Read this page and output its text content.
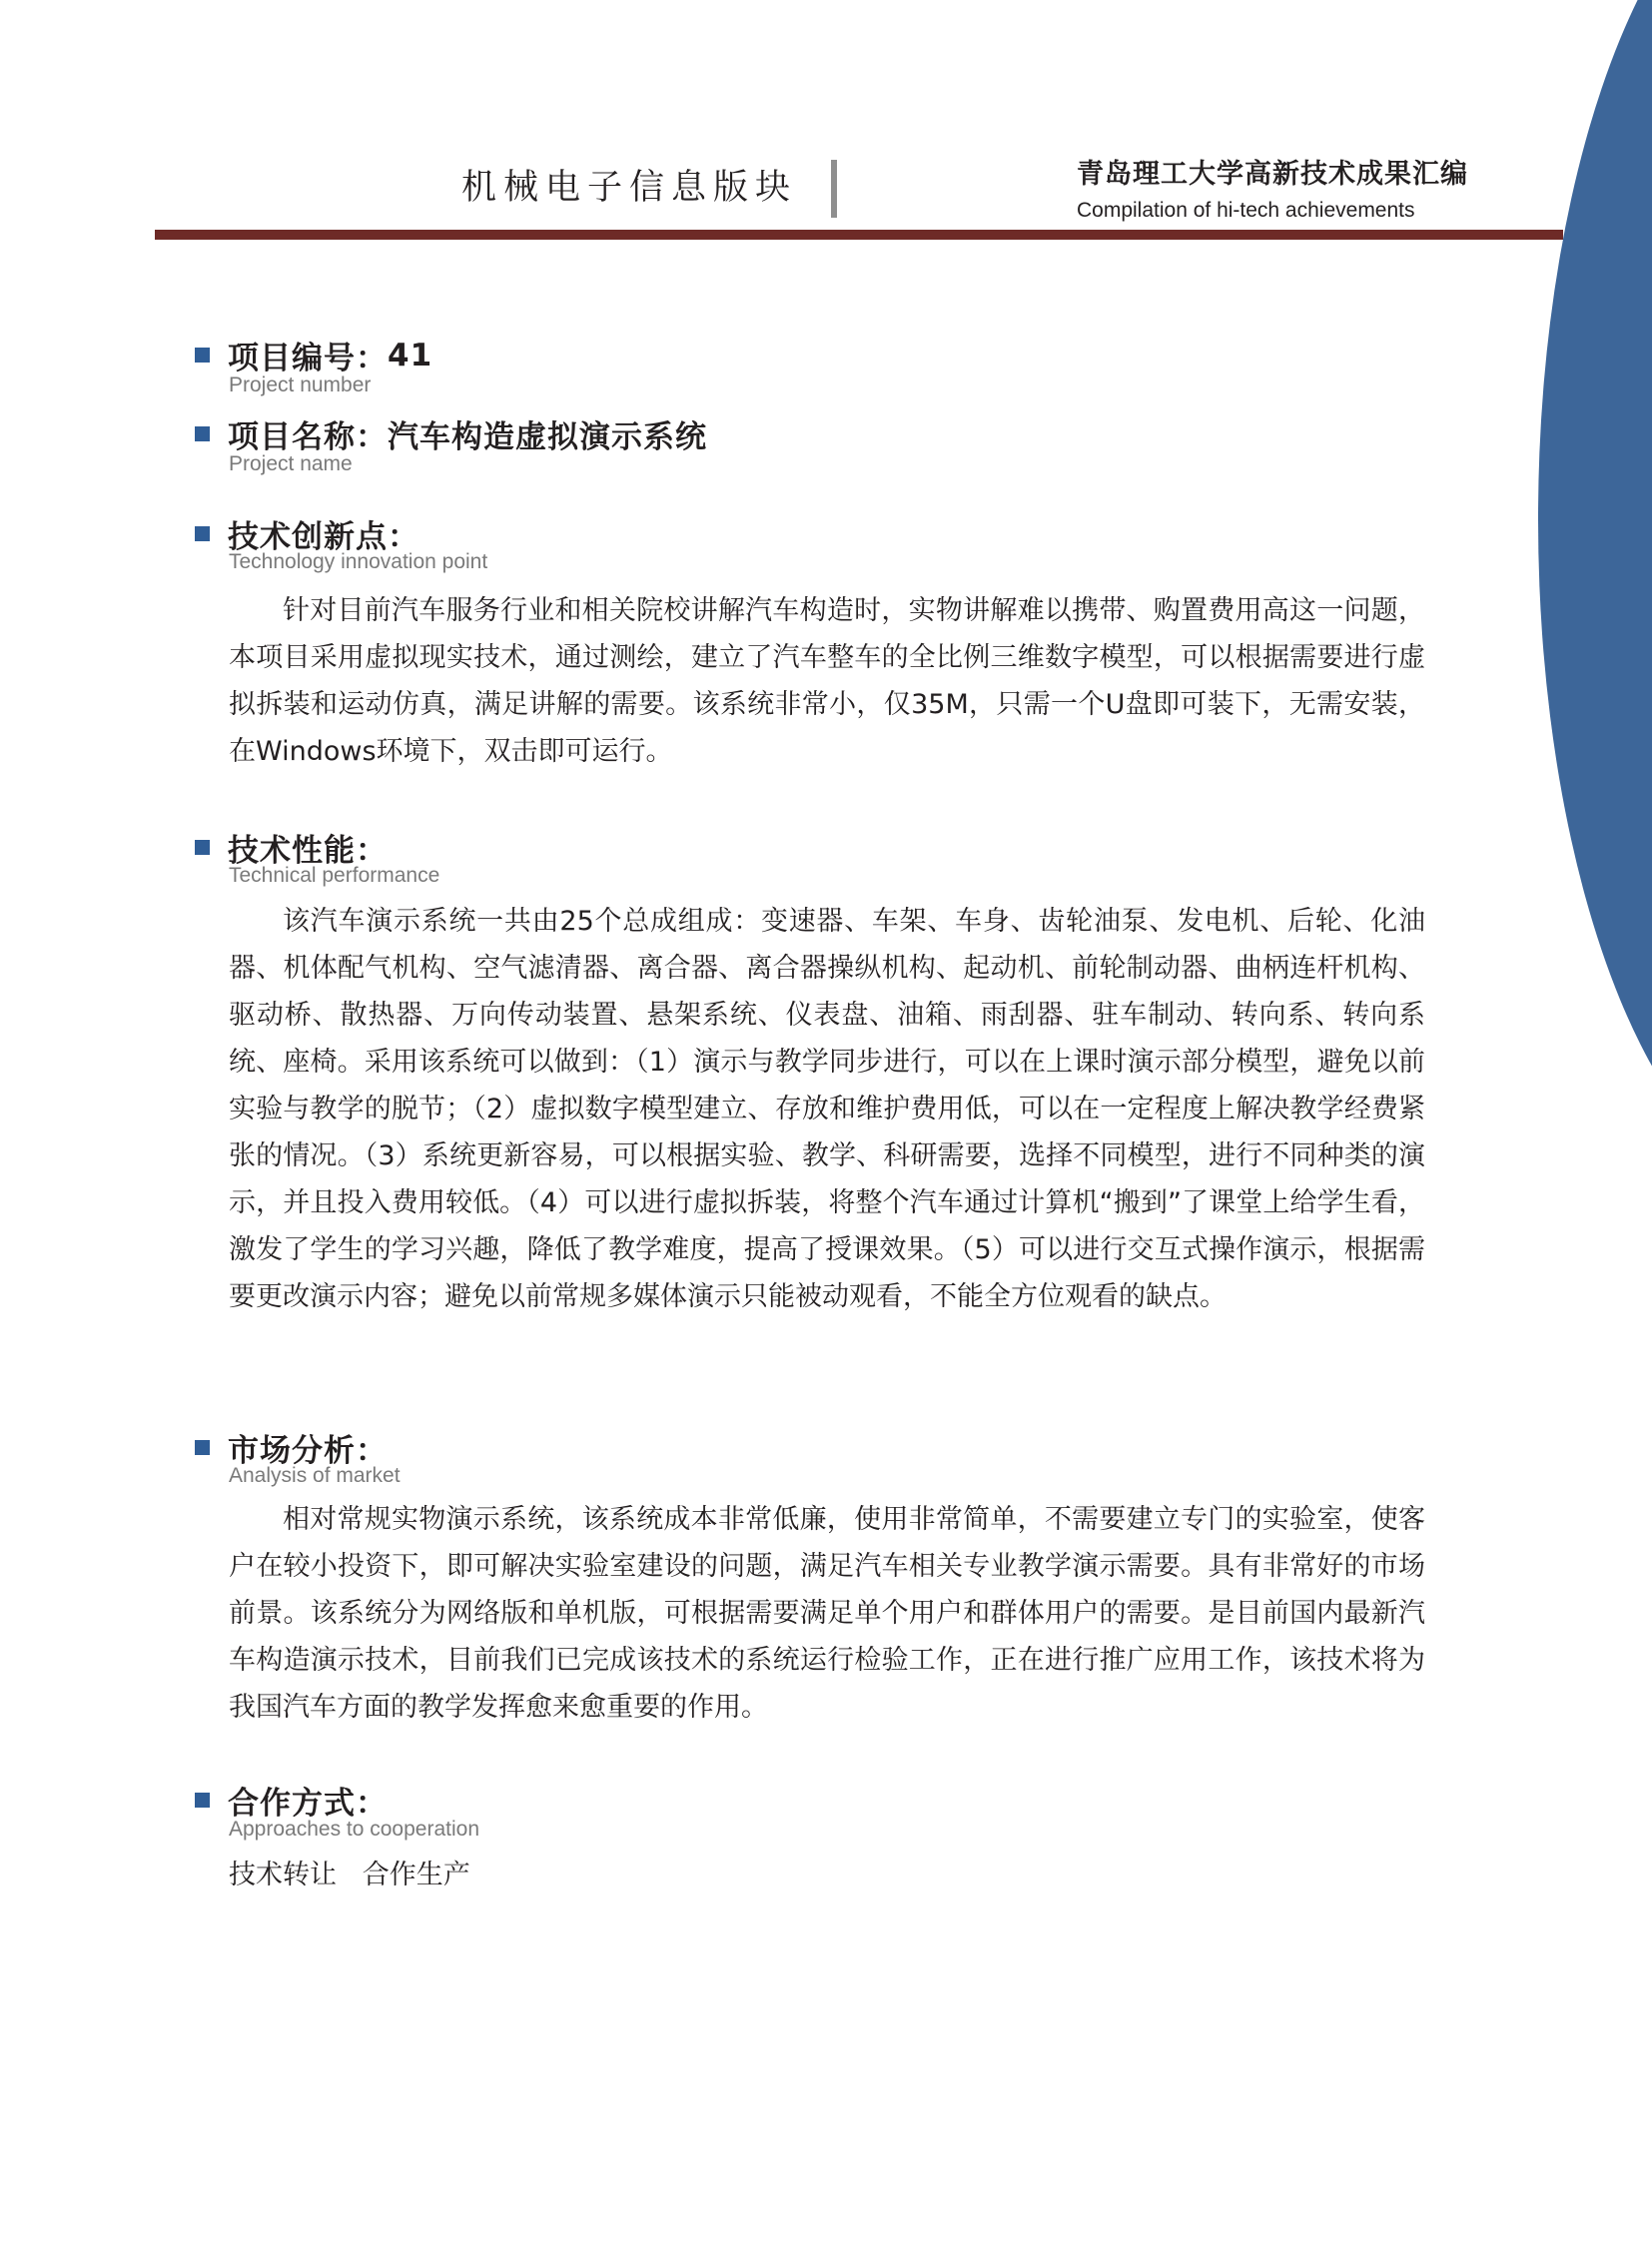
机械电子信息版块	青岛理工大学高新技术成果汇编
Compilation of hi-tech achievements
项目编号： 41
Project number
项目名称： 汽车构造虚拟演示系统
Project name
技术创新点：
Technology innovation point

针对目前汽车服务行业和相关院校讲解汽车构造时，实物讲解难以携带、购置费用高这一问题，本项目采用虚拟现实技术，通过测绘，建立了汽车整车的全比例三维数字模型，可以根据需要进行虚拟拆装和运动仿真，满足讲解的需要。该系统非常小，仅35M，只需一个U盘即可装下，无需安装，在Windows环境下，双击即可运行。

技术性能：
Technical performance

该汽车演示系统一共由25个总成组成：变速器、车架、车身、齿轮油泵、发电机、后轮、化油器、机体配气机构、空气滤清器、离合器、离合器操纵机构、起动机、前轮制动器、曲柄连杆机构、驱动桥、散热器、万向传动装置、悬架系统、仪表盘、油箱、雨刮器、驻车制动、转向系、转向系统、座椅。采用该系统可以做到：（1）演示与教学同步进行，可以在上课时演示部分模型，避免以前实验与教学的脱节；（2）虚拟数字模型建立、存放和维护费用低，可以在一定程度上解决教学经费紧张的情况。（3）系统更新容易，可以根据实验、教学、科研需要，选择不同模型，进行不同种类的演示，并且投入费用较低。（4）可以进行虚拟拆装，将整个汽车通过计算机“搬到”了课堂上给学生看，激发了学生的学习兴趣，降低了教学难度，提高了授课效果。（5）可以进行交互式操作演示，根据需要更改演示内容；避免以前常规多媒体演示只能被动观看，不能全方位观看的缺点。

市场分析：
Analysis of market

相对常规实物演示系统，该系统成本非常低廉，使用非常简单，不需要建立专门的实验室，使客户在较小投资下，即可解决实验室建设的问题，满足汽车相关专业教学演示需要。具有非常好的市场前景。该系统分为网络版和单机版，可根据需要满足单个用户和群体用户的需要。是目前国内最新汽车构造演示技术，目前我们已完成该技术的系统运行检验工作，正在进行推广应用工作，该技术将为我国汽车方面的教学发挥愈来愈重要的作用。

合作方式：
Approaches to cooperation
技术转让   合作生产
